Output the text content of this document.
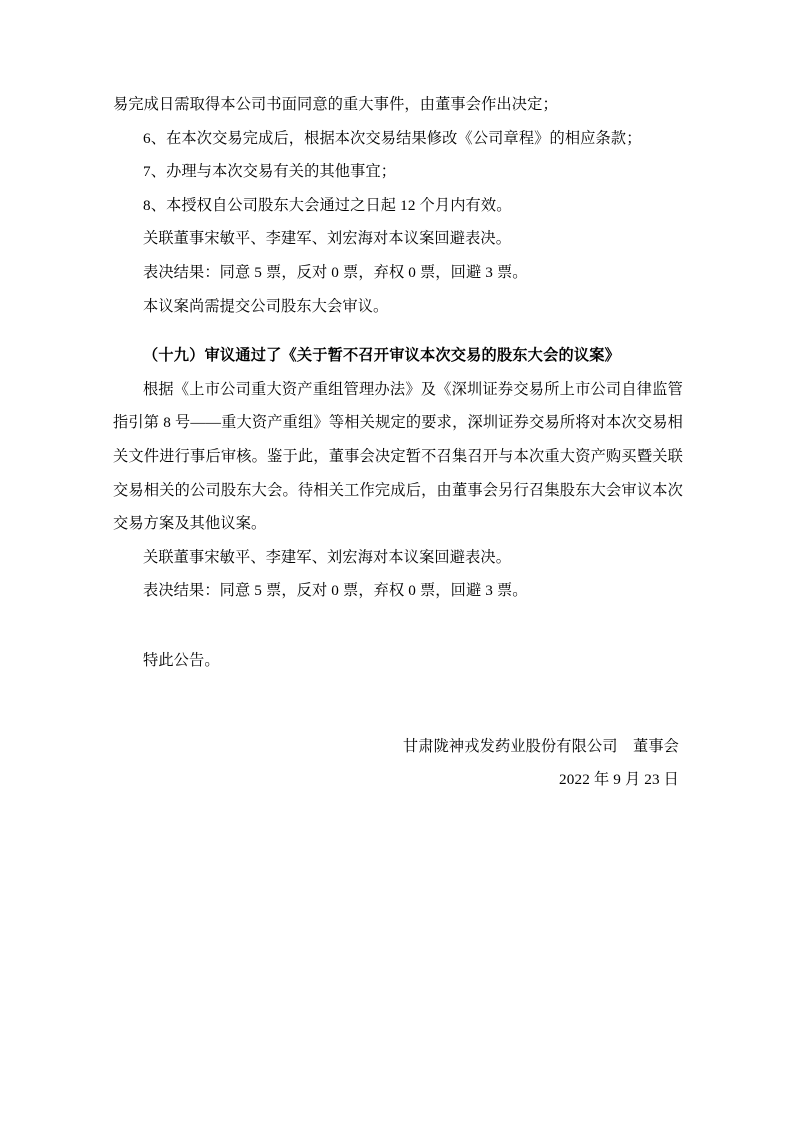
易完成日需取得本公司书面同意的重大事件，由董事会作出决定；

6、在本次交易完成后，根据本次交易结果修改《公司章程》的相应条款；

7、办理与本次交易有关的其他事宜；

8、本授权自公司股东大会通过之日起 12 个月内有效。

关联董事宋敏平、李建军、刘宏海对本议案回避表决。

表决结果：同意 5 票，反对 0 票，弃权 0 票，回避 3 票。

本议案尚需提交公司股东大会审议。

（十九）审议通过了《关于暂不召开审议本次交易的股东大会的议案》

根据《上市公司重大资产重组管理办法》及《深圳证券交易所上市公司自律监管指引第 8 号——重大资产重组》等相关规定的要求，深圳证券交易所将对本次交易相关文件进行事后审核。鉴于此，董事会决定暂不召集召开与本次重大资产购买暨关联交易相关的公司股东大会。待相关工作完成后，由董事会另行召集股东大会审议本次交易方案及其他议案。

关联董事宋敏平、李建军、刘宏海对本议案回避表决。

表决结果：同意 5 票，反对 0 票，弃权 0 票，回避 3 票。

特此公告。

甘肃陇神戎发药业股份有限公司　董事会

2022 年 9 月 23 日
